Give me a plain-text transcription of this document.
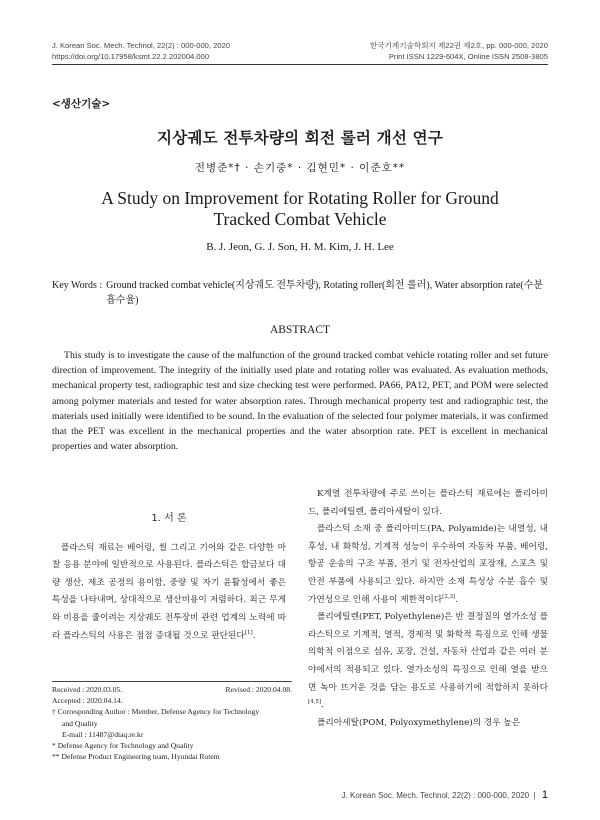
J. Korean Soc. Mech. Technol, 22(2) : 000-000, 2020	한국기계기술학회지 제22권 제2호, pp. 000-000, 2020
https://doi.org/10.17958/ksmt.22.2.202004.000	Print ISSN 1229-604X, Online ISSN 2508-3805
<생산기술>
지상궤도 전투차량의 회전 롤러 개선 연구
전병준*† · 손기중* · 김현민* · 이준호**
A Study on Improvement for Rotating Roller for Ground
Tracked Combat Vehicle
B. J. Jeon, G. J. Son, H. M. Kim, J. H. Lee
Key Words : Ground tracked combat vehicle(지상궤도 전투차량), Rotating roller(회전 롤러), Water absorption rate(수분 흡수율)
ABSTRACT

This study is to investigate the cause of the malfunction of the ground tracked combat vehicle rotating roller and set future direction of improvement. The integrity of the initially used plate and rotating roller was evaluated. As evaluation methods, mechanical property test, radiographic test and size checking test were performed. PA66, PA12, PET, and POM were selected among polymer materials and tested for water absorption rates. Through mechanical property test and radiographic test, the materials used initially were identified to be sound. In the evaluation of the selected four polymer materials, it was confirmed that the PET was excellent in the mechanical properties and the water absorption rate. PET is excellent in mechanical properties and water absorption.

1. 서 론

플라스틱 재료는 베어링, 씰 그리고 기어와 같은 다양한 마찰 응용 분야에 일반적으로 사용된다. 플라스틱은 합금보다 대량 생산, 제조 공정의 용이함, 중량 및 자기 윤활성에서 좋은 특성을 나타내며, 상대적으로 생산비용이 저렴하다. 최근 무게와 비용을 줄이려는 지상궤도 전투장비 관련 업계의 노력에 따라 플라스틱의 사용은 점점 증대될 것으로 판단된다[1].

K계열 전투차량에 주로 쓰이는 플라스틱 재료에는 폴리아미드, 폴리에틸렌, 폴리아세탈이 있다.

플라스틱 소재 중 폴리아미드(PA, Polyamide)는 내열성, 내후성, 내 화학성, 기계적 성능이 우수하여 자동차 부품, 베어링, 항공 운송의 구조 부품, 전기 및 전자산업의 포장재, 스포츠 및 안전 부품에 사용되고 있다. 하지만 소재 특성상 수분 흡수 및 가연성으로 인해 사용이 제한적이다[2,3].

폴리에틸렌(PET, Polyethylene)은 반 결정질의 열가소성 플라스틱으로 기계적, 열적, 경제적 및 화학적 특징으로 인해 생물 의학적 이점으로 섬유, 포장, 건설, 자동차 산업과 같은 여러 분야에서의 적용되고 있다. 열가소성의 특징으로 인해 열을 받으면 녹아 뜨거운 것을 담는 용도로 사용하기에 적합하지 못하다[4,5].

폴리아세탈(POM, Polyoxymethylene)의 경우 높은

Received : 2020.03.05.	Revised : 2020.04.08.
Accepted : 2020.04.14.
† Corresponding Author : Member, Defense Agency for Technology
and Quality
E-mail : 11487@dtaq.re.kr
* Defense Agency for Technology and Quality
** Defense Product Engineering team, Hyundai Rotem
J. Korean Soc. Mech. Technol, 22(2) : 000-000, 2020  | 1
